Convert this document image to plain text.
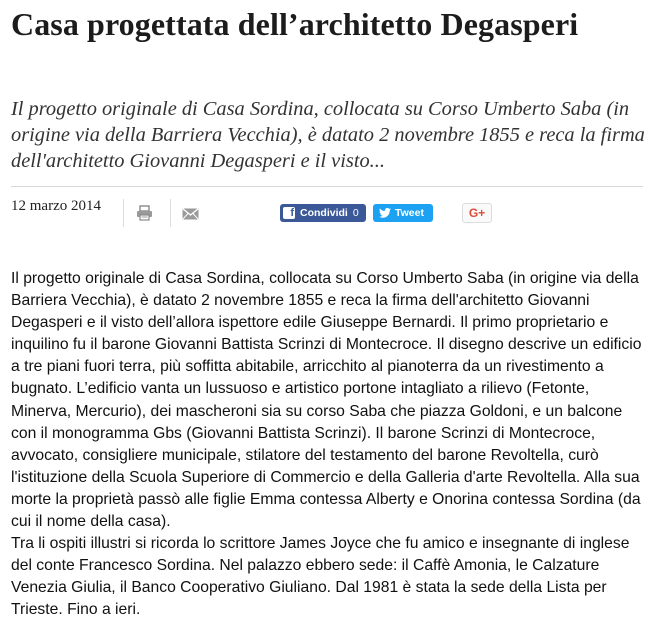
Casa progettata dell’architetto Degasperi

Il progetto originale di Casa Sordina, collocata su Corso Umberto Saba (in origine via della Barriera Vecchia), è datato 2 novembre 1855 e reca la firma dell'architetto Giovanni Degasperi e il visto...

12 marzo 2014	f Condividi 0	Tweet	G+

Il progetto originale di Casa Sordina, collocata su Corso Umberto Saba (in origine via della Barriera Vecchia), è datato 2 novembre 1855 e reca la firma dell'architetto Giovanni Degasperi e il visto dell’allora ispettore edile Giuseppe Bernardi. Il primo proprietario e inquilino fu il barone Giovanni Battista Scrinzi di Montecroce. Il disegno descrive un edificio a tre piani fuori terra, più soffitta abitabile, arricchito al pianoterra da un rivestimento a bugnato. L’edificio vanta un lussuoso e artistico portone intagliato a rilievo (Fetonte, Minerva, Mercurio), dei mascheroni sia su corso Saba che piazza Goldoni, e un balcone con il monogramma Gbs (Giovanni Battista Scrinzi). Il barone Scrinzi di Montecroce, avvocato, consigliere municipale, stilatore del testamento del barone Revoltella, curò l'istituzione della Scuola Superiore di Commercio e della Galleria d'arte Revoltella. Alla sua morte la proprietà passò alle figlie Emma contessa Alberty e Onorina contessa Sordina (da cui il nome della casa).

Tra li ospiti illustri si ricorda lo scrittore James Joyce che fu amico e insegnante di inglese del conte Francesco Sordina. Nel palazzo ebbero sede: il Caffè Amonia, le Calzature Venezia Giulia, il Banco Cooperativo Giuliano. Dal 1981 è stata la sede della Lista per Trieste. Fino a ieri.
